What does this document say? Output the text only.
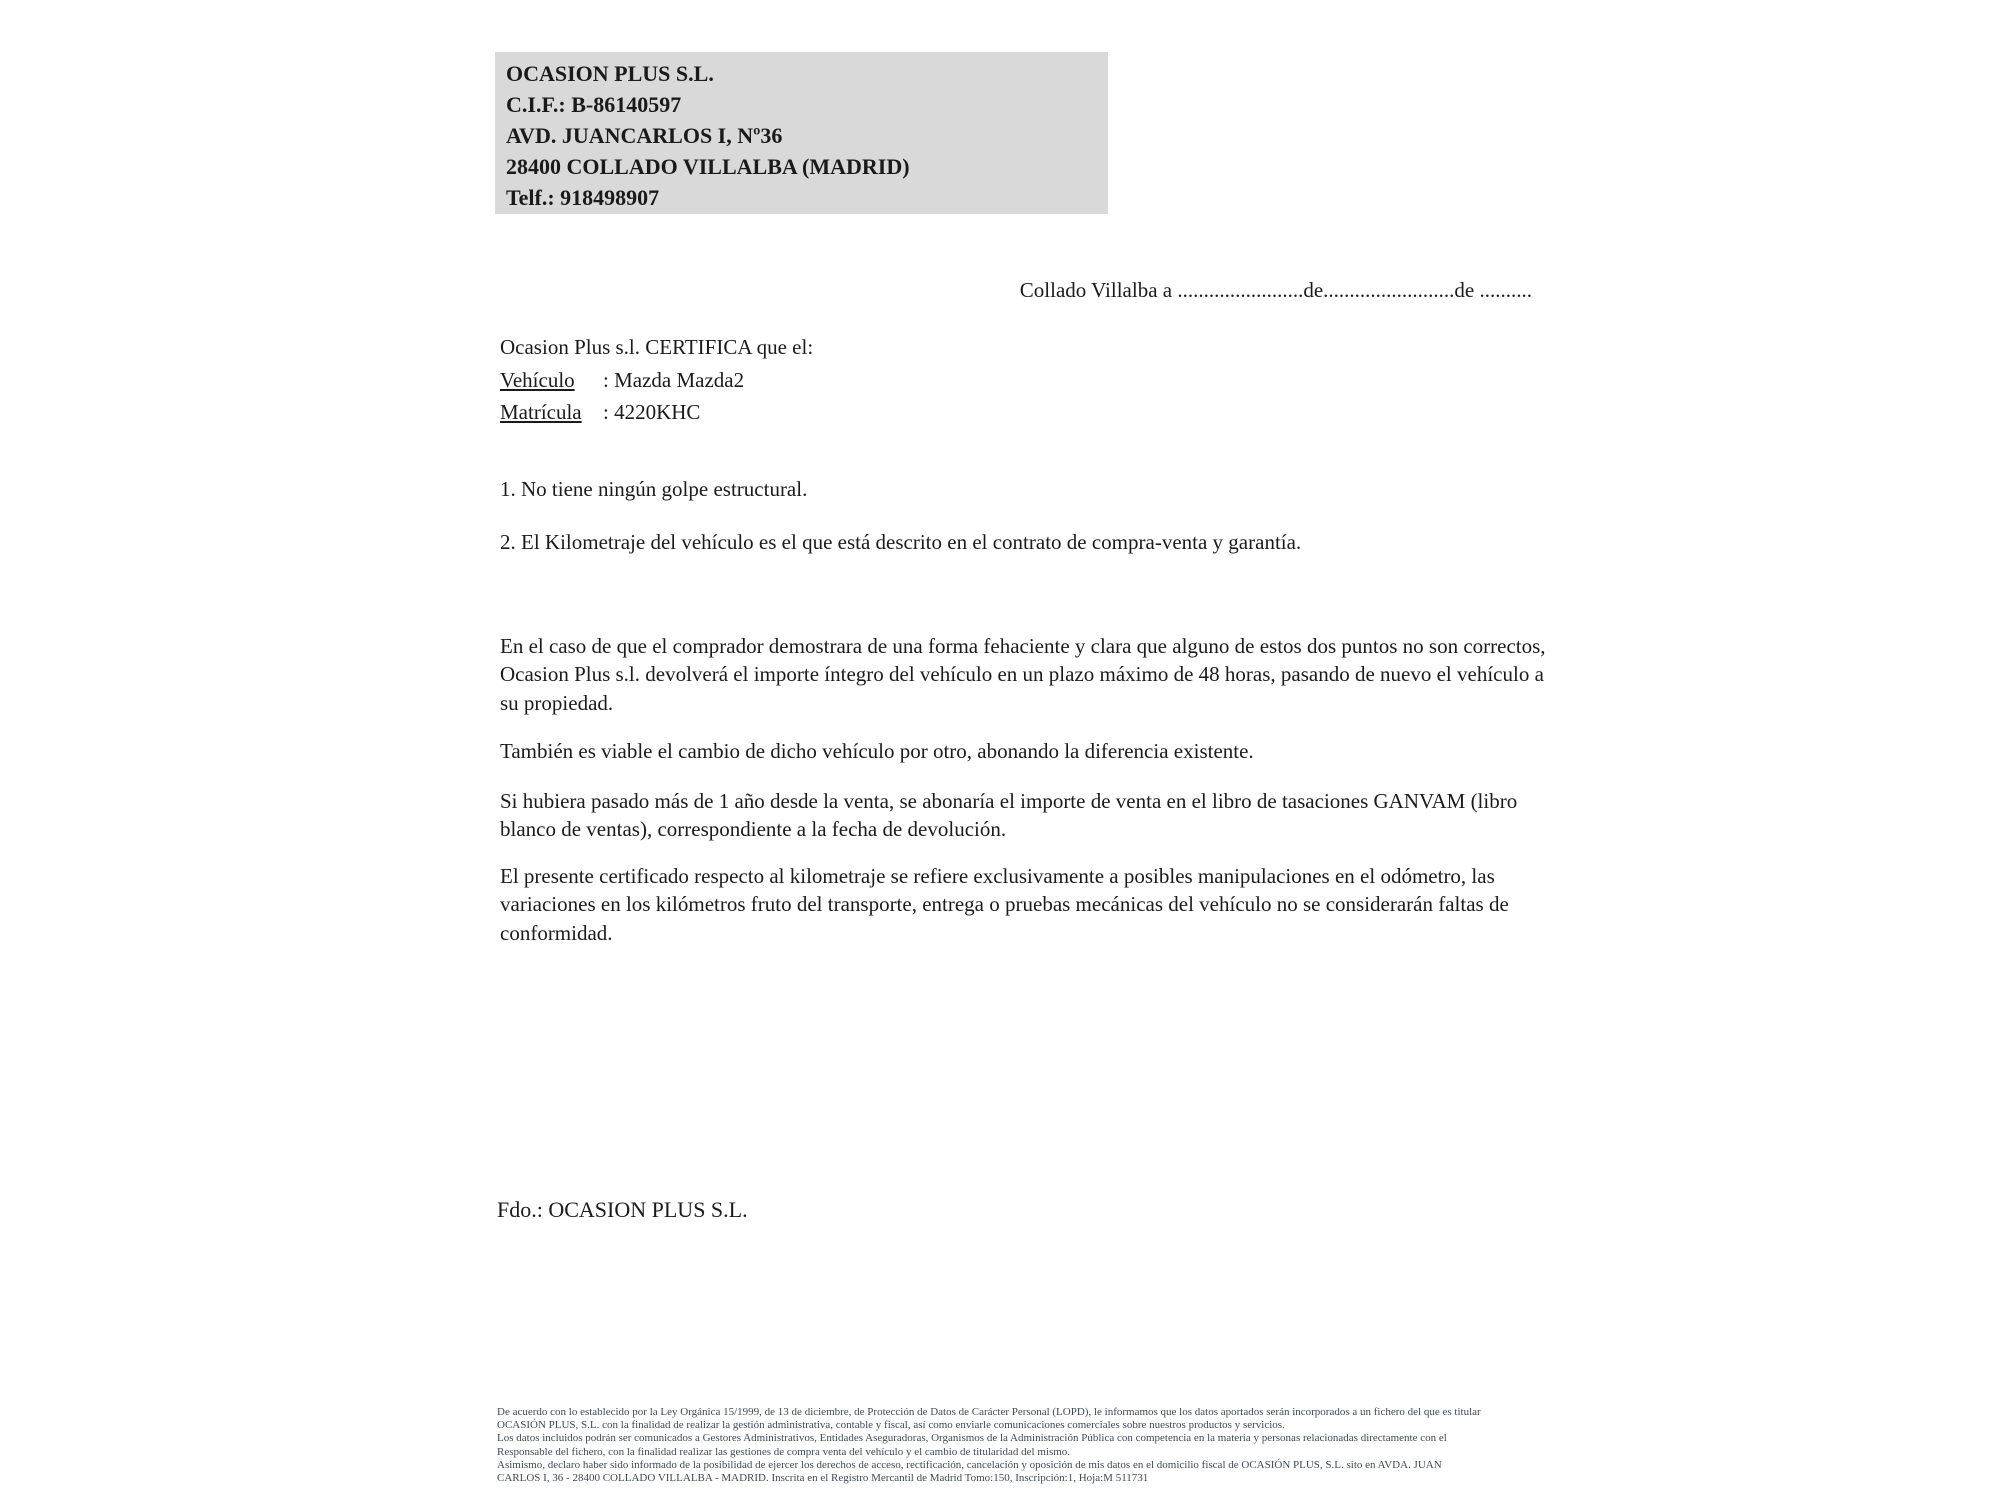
OCASION PLUS S.L.
C.I.F.: B-86140597
AVD. JUANCARLOS I, Nº36
28400 COLLADO VILLALBA (MADRID)
Telf.: 918498907
Collado Villalba a ........................de.........................de ..........
Ocasion Plus s.l. CERTIFICA que el:
Vehículo : Mazda Mazda2
Matrícula : 4220KHC
1. No tiene ningún golpe estructural.
2. El Kilometraje del vehículo es el que está descrito en el contrato de compra-venta y garantía.
En el caso de que el comprador demostrara de una forma fehaciente y clara que alguno de estos dos puntos no son correctos, Ocasion Plus s.l. devolverá el importe íntegro del vehículo en un plazo máximo de 48 horas, pasando de nuevo el vehículo a su propiedad.
También es viable el cambio de dicho vehículo por otro, abonando la diferencia existente.
Si hubiera pasado más de 1 año desde la venta, se abonaría el importe de venta en el libro de tasaciones GANVAM (libro blanco de ventas), correspondiente a la fecha de devolución.
El presente certificado respecto al kilometraje se refiere exclusivamente a posibles manipulaciones en el odómetro, las variaciones en los kilómetros fruto del transporte, entrega o pruebas mecánicas del vehículo no se considerarán faltas de conformidad.
Fdo.: OCASION PLUS S.L.
De acuerdo con lo establecido por la Ley Orgánica 15/1999, de 13 de diciembre, de Protección de Datos de Carácter Personal (LOPD), le informamos que los datos aportados serán incorporados a un fichero del que es titular
OCASIÓN PLUS, S.L. con la finalidad de realizar la gestión administrativa, contable y fiscal, así como enviarle comunicaciones comerciales sobre nuestros productos y servicios.
Los datos incluidos podrán ser comunicados a Gestores Administrativos, Entidades Aseguradoras, Organismos de la Administración Pública con competencia en la materia y personas relacionadas directamente con el
Responsable del fichero, con la finalidad realizar las gestiones de compra venta del vehículo y el cambio de titularidad del mismo.
Asimismo, declaro haber sido informado de la posibilidad de ejercer los derechos de acceso, rectificación, cancelación y oposición de mis datos en el domicilio fiscal de OCASIÓN PLUS, S.L. sito en AVDA. JUAN
CARLOS I, 36 - 28400 COLLADO VILLALBA - MADRID. Inscrita en el Registro Mercantil de Madrid Tomo:150, Inscripción:1, Hoja:M 511731
